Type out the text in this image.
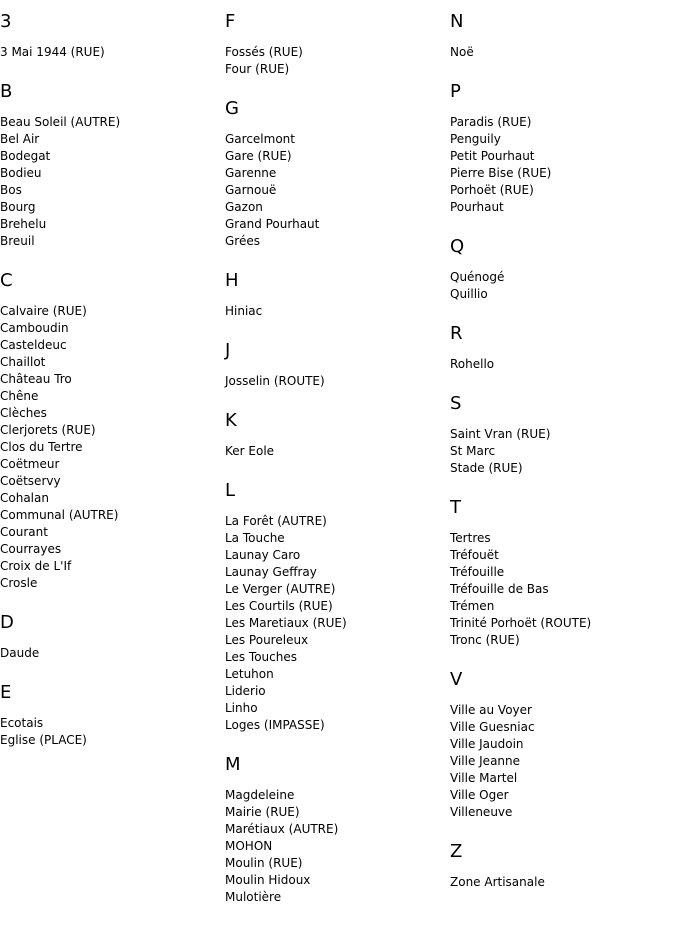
3
3 Mai 1944 (RUE)
B
Beau Soleil (AUTRE)
Bel Air
Bodegat
Bodieu
Bos
Bourg
Brehelu
Breuil
C
Calvaire (RUE)
Camboudin
Casteldeuc
Chaillot
Château Tro
Chêne
Clèches
Clerjorets (RUE)
Clos du Tertre
Coëtmeur
Coëtservy
Cohalan
Communal (AUTRE)
Courant
Courrayes
Croix de L'If
Crosle
D
Daude
E
Ecotais
Eglise (PLACE)
F
Fossés (RUE)
Four (RUE)
G
Garcelmont
Gare (RUE)
Garenne
Garnouë
Gazon
Grand Pourhaut
Grées
H
Hiniac
J
Josselin (ROUTE)
K
Ker Eole
L
La Forêt (AUTRE)
La Touche
Launay Caro
Launay Geffray
Le Verger (AUTRE)
Les Courtils (RUE)
Les Maretiaux (RUE)
Les Poureleux
Les Touches
Letuhon
Liderio
Linho
Loges (IMPASSE)
M
Magdeleine
Mairie (RUE)
Marétiaux (AUTRE)
MOHON
Moulin (RUE)
Moulin Hidoux
Mulotière
N
Noë
P
Paradis (RUE)
Penguily
Petit Pourhaut
Pierre Bise (RUE)
Porhoët (RUE)
Pourhaut
Q
Quénogé
Quillio
R
Rohello
S
Saint Vran (RUE)
St Marc
Stade (RUE)
T
Tertres
Tréfouët
Tréfouille
Tréfouille de Bas
Trémen
Trinité Porhoët (ROUTE)
Tronc (RUE)
V
Ville au Voyer
Ville Guesniac
Ville Jaudoin
Ville Jeanne
Ville Martel
Ville Oger
Villeneuve
Z
Zone Artisanale
